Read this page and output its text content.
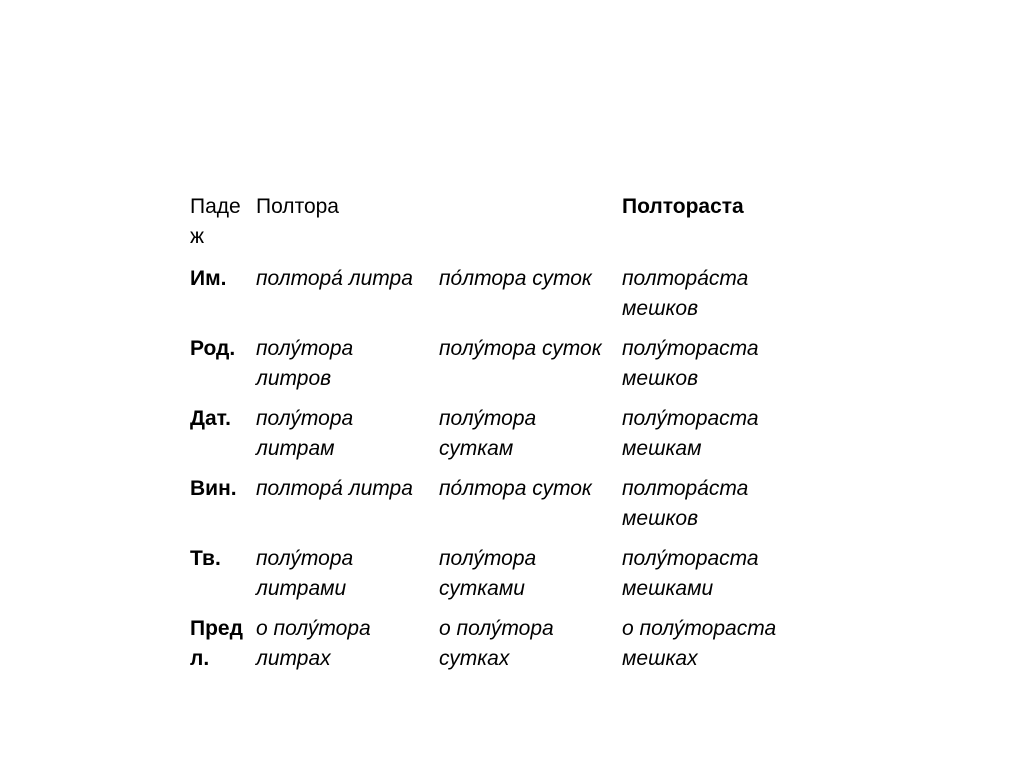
Падеж	Полтора		Полтораста
Им.	полтора́ литра	по́лтора суток	полтора́ста мешков
Род.	полу́тора литров	полу́тора суток	полу́тораста мешков
Дат.	полу́тора литрам	полу́тора суткам	полу́тораста мешкам
Вин.	полтора́ литра	по́лтора суток	полтора́ста мешков
Тв.	полу́тора литрами	полу́тора сутками	полу́тораста мешками
Предл.	о полу́тора литрах	о полу́тора сутках	о полу́тораста мешках
